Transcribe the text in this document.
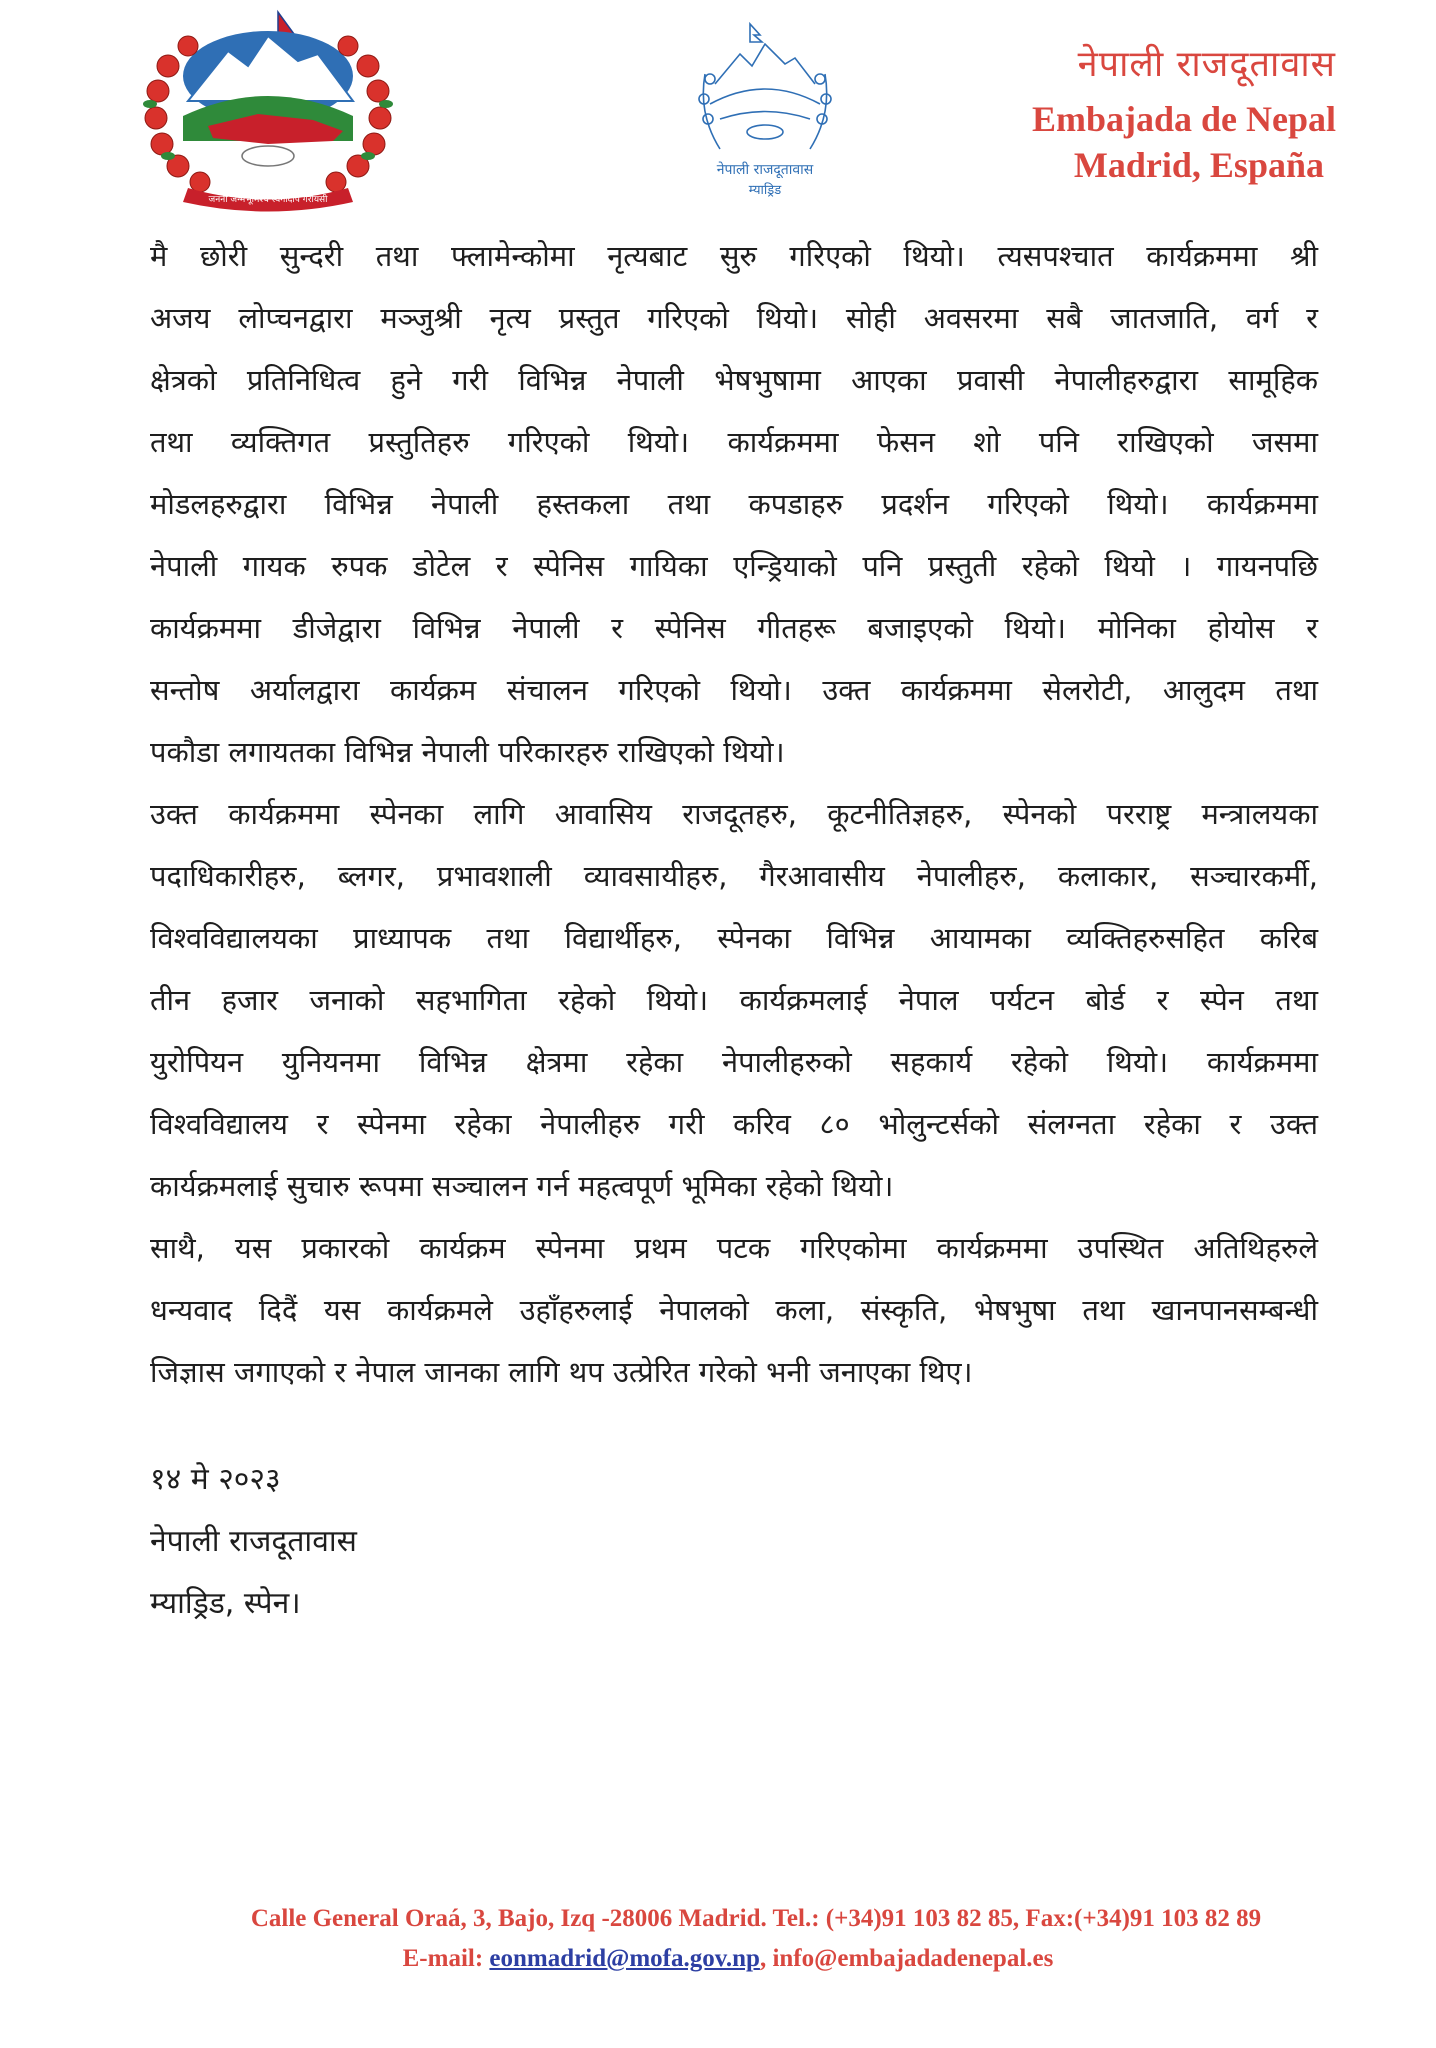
जननी जन्मभूमिश्च स्वर्गादपि गरीयसी
नेपाली राजदूतावास
म्याड्रिड
नेपाली राजदूतावास
Embajada de Nepal
Madrid, España
मै छोरी सुन्दरी तथा फ्लामेन्कोमा नृत्यबाट सुरु गरिएको थियो। त्यसपश्चात कार्यक्रममा श्री
अजय लोप्चनद्वारा मञ्जुश्री नृत्य प्रस्तुत गरिएको थियो। सोही अवसरमा सबै जातजाति, वर्ग र
क्षेत्रको प्रतिनिधित्व हुने गरी विभिन्न नेपाली भेषभुषामा आएका प्रवासी नेपालीहरुद्वारा सामूहिक
तथा व्यक्तिगत प्रस्तुतिहरु गरिएको थियो। कार्यक्रममा फेसन शो पनि राखिएको जसमा
मोडलहरुद्वारा विभिन्न नेपाली हस्तकला तथा कपडाहरु प्रदर्शन गरिएको थियो। कार्यक्रममा
नेपाली गायक रुपक डोटेल र स्पेनिस गायिका एन्ड्रियाको पनि प्रस्तुती रहेको थियो । गायनपछि
कार्यक्रममा डीजेद्वारा विभिन्न नेपाली र स्पेनिस गीतहरू बजाइएको थियो। मोनिका होयोस र
सन्तोष अर्यालद्वारा कार्यक्रम संचालन गरिएको थियो। उक्त कार्यक्रममा सेलरोटी, आलुदम तथा
पकौडा लगायतका विभिन्न नेपाली परिकारहरु राखिएको थियो।
उक्त कार्यक्रममा स्पेनका लागि आवासिय राजदूतहरु, कूटनीतिज्ञहरु, स्पेनको परराष्ट्र मन्त्रालयका
पदाधिकारीहरु, ब्लगर, प्रभावशाली व्यावसायीहरु, गैरआवासीय नेपालीहरु, कलाकार, सञ्चारकर्मी,
विश्वविद्यालयका प्राध्यापक तथा विद्यार्थीहरु, स्पेनका विभिन्न आयामका व्यक्तिहरुसहित करिब
तीन हजार जनाको सहभागिता रहेको थियो। कार्यक्रमलाई नेपाल पर्यटन बोर्ड र स्पेन तथा
युरोपियन युनियनमा विभिन्न क्षेत्रमा रहेका नेपालीहरुको सहकार्य रहेको थियो। कार्यक्रममा
विश्वविद्यालय र स्पेनमा रहेका नेपालीहरु गरी करिव ८० भोलुन्टर्सको संलग्नता रहेका र उक्त
कार्यक्रमलाई सुचारु रूपमा सञ्चालन गर्न महत्वपूर्ण भूमिका रहेको थियो।
साथै, यस प्रकारको कार्यक्रम स्पेनमा प्रथम पटक गरिएकोमा कार्यक्रममा उपस्थित अतिथिहरुले
धन्यवाद दिदैं यस कार्यक्रमले उहाँहरुलाई नेपालको कला, संस्कृति, भेषभुषा तथा खानपानसम्बन्धी
जिज्ञास जगाएको र नेपाल जानका लागि थप उत्प्रेरित गरेको भनी जनाएका थिए।
१४ मे २०२३
नेपाली राजदूतावास
म्याड्रिड, स्पेन।
Calle General Oraá, 3, Bajo, Izq -28006 Madrid. Tel.: (+34)91 103 82 85, Fax:(+34)91 103 82 89
E-mail: eonmadrid@mofa.gov.np, info@embajadadenepal.es
